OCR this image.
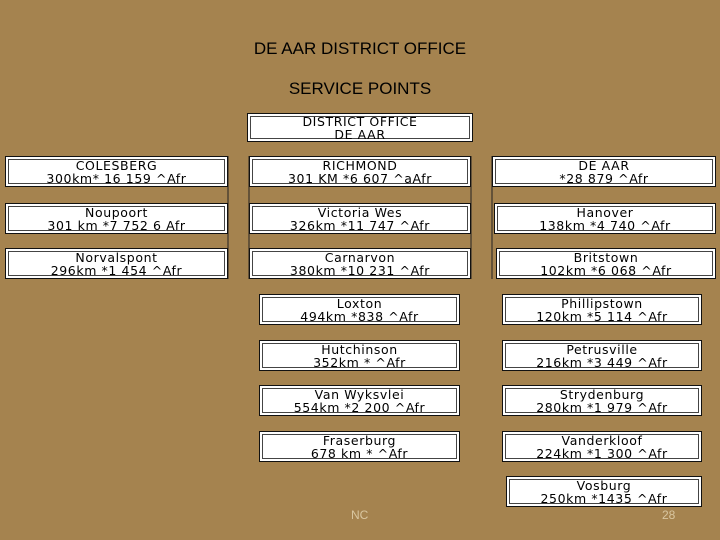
DE AAR DISTRICT OFFICE
SERVICE POINTS
DISTRICT OFFICE
DE AAR
COLESBERG
300km* 16 159 ^Afr
Noupoort
301 km *7 752 6 Afr
Norvalspont
296km *1 454 ^Afr
RICHMOND
301 KM *6 607 ^aAfr
Victoria Wes
326km *11 747 ^Afr
Carnarvon
380km *10 231 ^Afr
Loxton
494km *838 ^Afr
Hutchinson
352km * ^Afr
Van Wyksvlei
554km *2 200 ^Afr
Fraserburg
678 km * ^Afr
DE AAR
*28 879 ^Afr
Hanover
138km *4 740 ^Afr
Britstown
102km *6 068 ^Afr
Phillipstown
120km *5 114 ^Afr
Petrusville
216km *3 449 ^Afr
Strydenburg
280km *1 979 ^Afr
Vanderkloof
224km *1 300 ^Afr
Vosburg
250km *1435 ^Afr
NC	28
